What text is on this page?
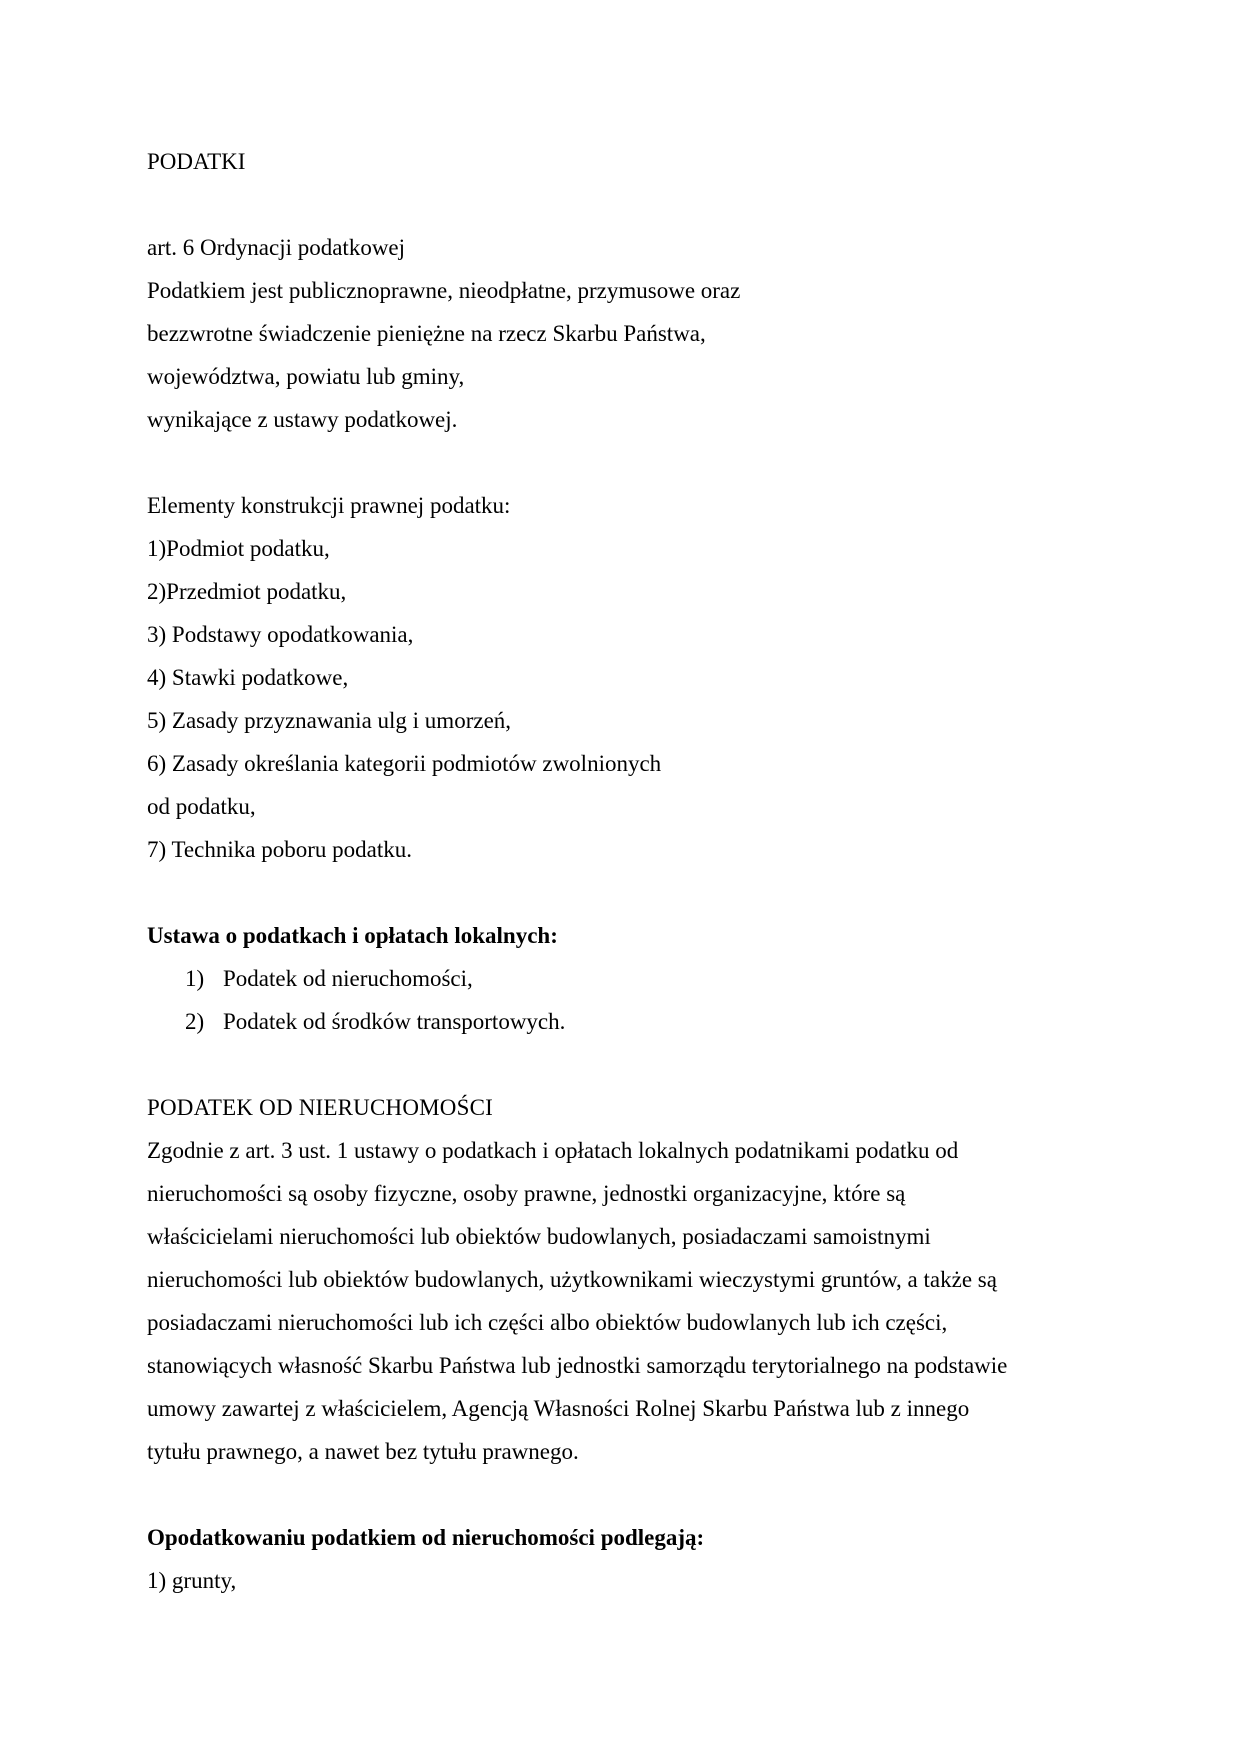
PODATKI
art. 6 Ordynacji podatkowej
Podatkiem jest publicznoprawne, nieodpłatne, przymusowe oraz
bezzwrotne świadczenie pieniężne na rzecz Skarbu Państwa,
województwa, powiatu lub gminy,
wynikające z ustawy podatkowej.
Elementy konstrukcji prawnej podatku:
1)Podmiot podatku,
2)Przedmiot podatku,
3) Podstawy opodatkowania,
4) Stawki podatkowe,
5) Zasady przyznawania ulg i umorzeń,
6) Zasady określania kategorii podmiotów zwolnionych
od podatku,
7) Technika poboru podatku.
Ustawa o podatkach i opłatach lokalnych:
1) Podatek od nieruchomości,
2) Podatek od środków transportowych.
PODATEK OD NIERUCHOMOŚCI
Zgodnie z art. 3 ust. 1 ustawy o podatkach i opłatach lokalnych podatnikami podatku od
nieruchomości są osoby fizyczne, osoby prawne, jednostki organizacyjne, które są
właścicielami nieruchomości lub obiektów budowlanych, posiadaczami samoistnymi
nieruchomości lub obiektów budowlanych, użytkownikami wieczystymi gruntów, a także są
posiadaczami nieruchomości lub ich części albo obiektów budowlanych lub ich części,
stanowiących własność Skarbu Państwa lub jednostki samorządu terytorialnego na podstawie
umowy zawartej z właścicielem, Agencją Własności Rolnej Skarbu Państwa lub z innego
tytułu prawnego, a nawet bez tytułu prawnego.
Opodatkowaniu podatkiem od nieruchomości podlegają:
1) grunty,
